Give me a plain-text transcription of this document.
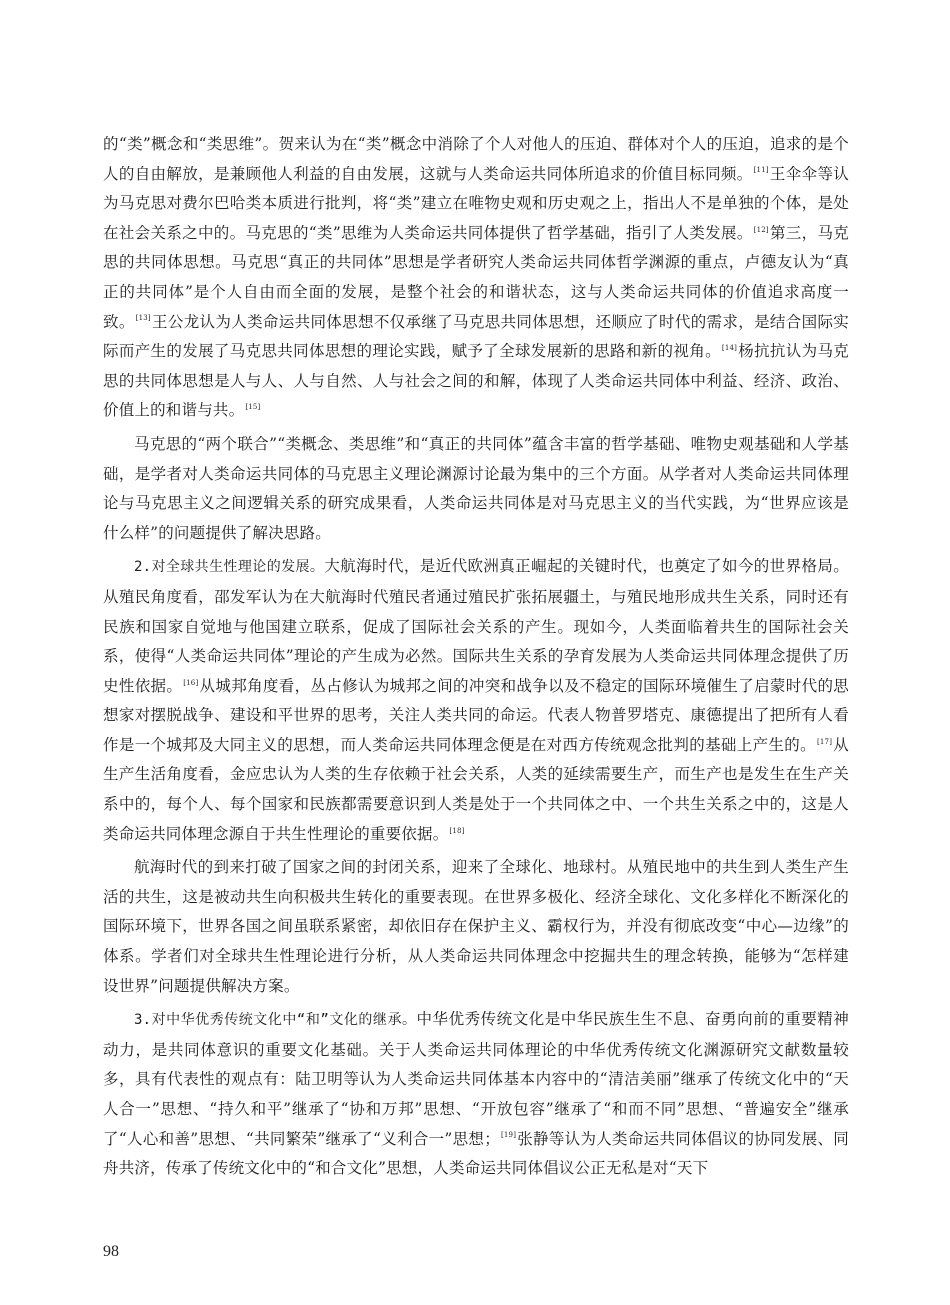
的“类”概念和“类思维”。贺来认为在“类”概念中消除了个人对他人的压迫、群体对个人的压迫，追求的是个人的自由解放，是兼顾他人利益的自由发展，这就与人类命运共同体所追求的价值目标同频。[11]王伞伞等认为马克思对费尔巴哈类本质进行批判，将“类”建立在唯物史观和历史观之上，指出人不是单独的个体，是处在社会关系之中的。马克思的“类”思维为人类命运共同体提供了哲学基础，指引了人类发展。[12]第三，马克思的共同体思想。马克思“真正的共同体”思想是学者研究人类命运共同体哲学渊源的重点，卢德友认为“真正的共同体”是个人自由而全面的发展，是整个社会的和谐状态，这与人类命运共同体的价值追求高度一致。[13]王公龙认为人类命运共同体思想不仅承继了马克思共同体思想，还顺应了时代的需求，是结合国际实际而产生的发展了马克思共同体思想的理论实践，赋予了全球发展新的思路和新的视角。[14]杨抗抗认为马克思的共同体思想是人与人、人与自然、人与社会之间的和解，体现了人类命运共同体中利益、经济、政治、价值上的和谐与共。[15]

马克思的“两个联合”“类概念、类思维”和“真正的共同体”蕴含丰富的哲学基础、唯物史观基础和人学基础，是学者对人类命运共同体的马克思主义理论渊源讨论最为集中的三个方面。从学者对人类命运共同体理论与马克思主义之间逻辑关系的研究成果看，人类命运共同体是对马克思主义的当代实践，为“世界应该是什么样”的问题提供了解决思路。

2.对全球共生性理论的发展。大航海时代，是近代欧洲真正崛起的关键时代，也奠定了如今的世界格局。从殖民角度看，邵发军认为在大航海时代殖民者通过殖民扩张拓展疆土，与殖民地形成共生关系，同时还有民族和国家自觉地与他国建立联系，促成了国际社会关系的产生。现如今，人类面临着共生的国际社会关系，使得“人类命运共同体”理论的产生成为必然。国际共生关系的孕育发展为人类命运共同体理念提供了历史性依据。[16]从城邦角度看，丛占修认为城邦之间的冲突和战争以及不稳定的国际环境催生了启蒙时代的思想家对摆脱战争、建设和平世界的思考，关注人类共同的命运。代表人物普罗塔克、康德提出了把所有人看作是一个城邦及大同主义的思想，而人类命运共同体理念便是在对西方传统观念批判的基础上产生的。[17]从生产生活角度看，金应忠认为人类的生存依赖于社会关系，人类的延续需要生产，而生产也是发生在生产关系中的，每个人、每个国家和民族都需要意识到人类是处于一个共同体之中、一个共生关系之中的，这是人类命运共同体理念源自于共生性理论的重要依据。[18]

航海时代的到来打破了国家之间的封闭关系，迎来了全球化、地球村。从殖民地中的共生到人类生产生活的共生，这是被动共生向积极共生转化的重要表现。在世界多极化、经济全球化、文化多样化不断深化的国际环境下，世界各国之间虽联系紧密，却依旧存在保护主义、霸权行为，并没有彻底改变“中心—边缘”的体系。学者们对全球共生性理论进行分析，从人类命运共同体理念中挖掘共生的理念转换，能够为“怎样建设世界”问题提供解决方案。

3.对中华优秀传统文化中“和”文化的继承。中华优秀传统文化是中华民族生生不息、奋勇向前的重要精神动力，是共同体意识的重要文化基础。关于人类命运共同体理论的中华优秀传统文化渊源研究文献数量较多，具有代表性的观点有：陆卫明等认为人类命运共同体基本内容中的“清洁美丽”继承了传统文化中的“天人合一”思想、“持久和平”继承了“协和万邦”思想、“开放包容”继承了“和而不同”思想、“普遍安全”继承了“人心和善”思想、“共同繁荣”继承了“义利合一”思想；[19]张静等认为人类命运共同体倡议的协同发展、同舟共济，传承了传统文化中的“和合文化”思想，人类命运共同体倡议公正无私是对“天下

98
